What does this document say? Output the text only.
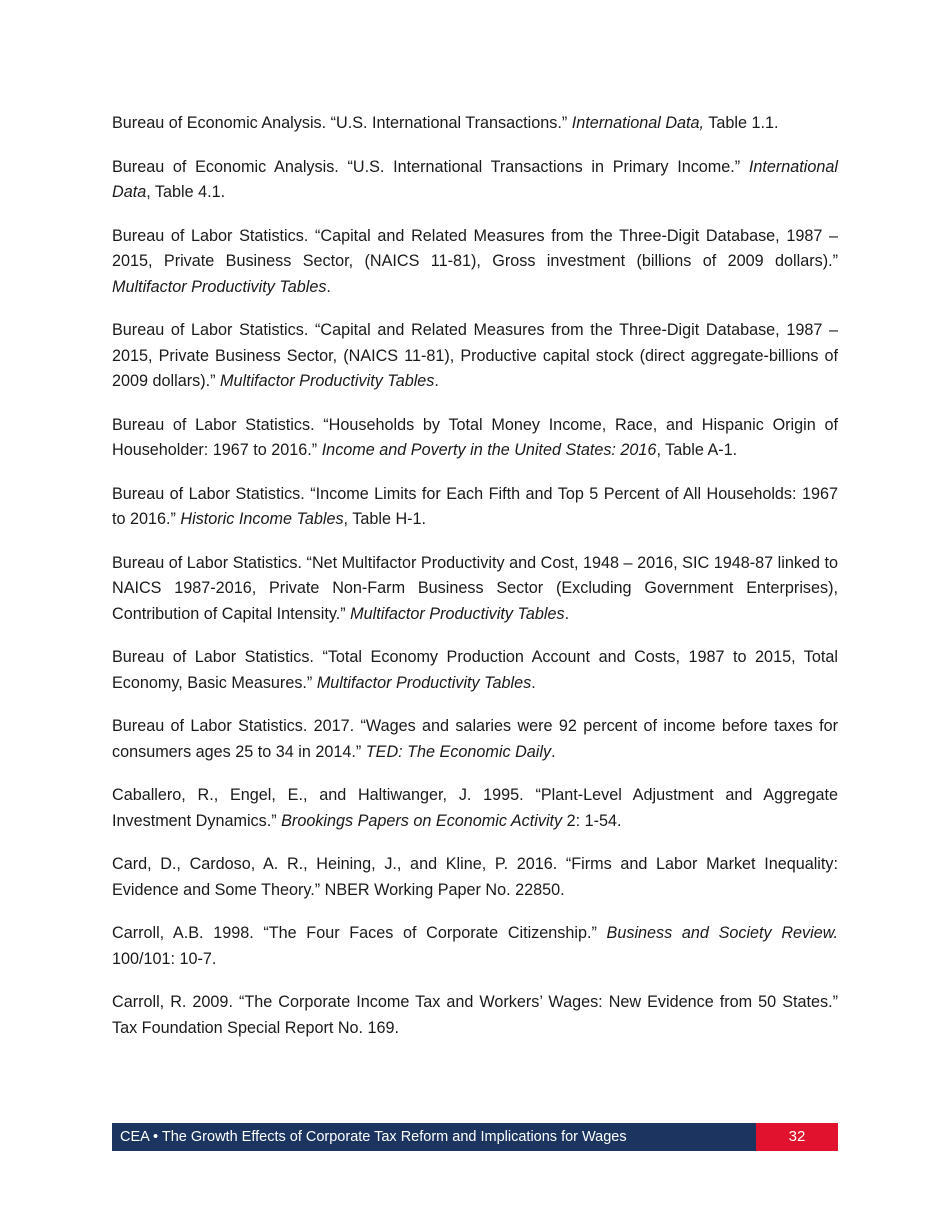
Bureau of Economic Analysis. “U.S. International Transactions.” International Data, Table 1.1.

Bureau of Economic Analysis. “U.S. International Transactions in Primary Income.” International Data, Table 4.1.

Bureau of Labor Statistics. “Capital and Related Measures from the Three-Digit Database, 1987 – 2015, Private Business Sector, (NAICS 11-81), Gross investment (billions of 2009 dollars).” Multifactor Productivity Tables.

Bureau of Labor Statistics. “Capital and Related Measures from the Three-Digit Database, 1987 – 2015, Private Business Sector, (NAICS 11-81), Productive capital stock (direct aggregate-billions of 2009 dollars).” Multifactor Productivity Tables.

Bureau of Labor Statistics. “Households by Total Money Income, Race, and Hispanic Origin of Householder: 1967 to 2016.” Income and Poverty in the United States: 2016, Table A-1.

Bureau of Labor Statistics. “Income Limits for Each Fifth and Top 5 Percent of All Households: 1967 to 2016.” Historic Income Tables, Table H-1.

Bureau of Labor Statistics. “Net Multifactor Productivity and Cost, 1948 – 2016, SIC 1948-87 linked to NAICS 1987-2016, Private Non-Farm Business Sector (Excluding Government Enterprises), Contribution of Capital Intensity.” Multifactor Productivity Tables.

Bureau of Labor Statistics. “Total Economy Production Account and Costs, 1987 to 2015, Total Economy, Basic Measures.” Multifactor Productivity Tables.

Bureau of Labor Statistics. 2017. “Wages and salaries were 92 percent of income before taxes for consumers ages 25 to 34 in 2014.” TED: The Economic Daily.

Caballero, R., Engel, E., and Haltiwanger, J. 1995. “Plant-Level Adjustment and Aggregate Investment Dynamics.” Brookings Papers on Economic Activity 2: 1-54.

Card, D., Cardoso, A. R., Heining, J., and Kline, P. 2016. “Firms and Labor Market Inequality: Evidence and Some Theory.” NBER Working Paper No. 22850.

Carroll, A.B. 1998. “The Four Faces of Corporate Citizenship.” Business and Society Review. 100/101: 10-7.

Carroll, R. 2009. “The Corporate Income Tax and Workers’ Wages: New Evidence from 50 States.” Tax Foundation Special Report No. 169.

CEA • The Growth Effects of Corporate Tax Reform and Implications for Wages	32
